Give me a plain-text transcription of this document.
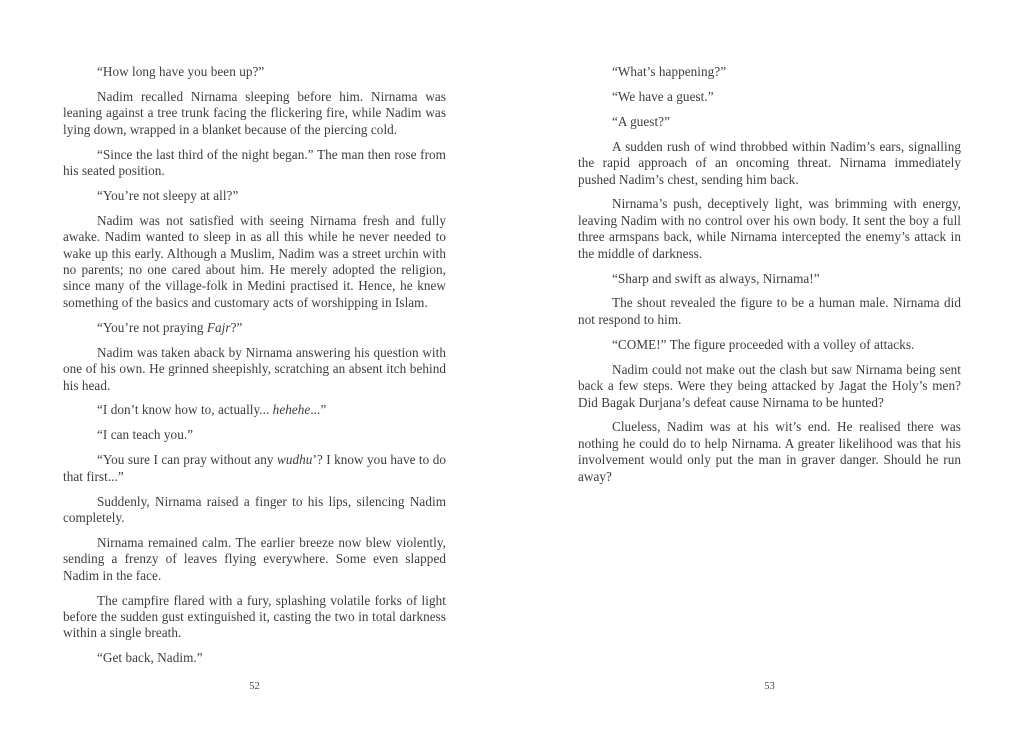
“How long have you been up?”

Nadim recalled Nirnama sleeping before him. Nirnama was leaning against a tree trunk facing the flickering fire, while Nadim was lying down, wrapped in a blanket because of the piercing cold.

“Since the last third of the night began.” The man then rose from his seated position.

“You’re not sleepy at all?”

Nadim was not satisfied with seeing Nirnama fresh and fully awake. Nadim wanted to sleep in as all this while he never needed to wake up this early. Although a Muslim, Nadim was a street urchin with no parents; no one cared about him. He merely adopted the religion, since many of the village-folk in Medini practised it. Hence, he knew something of the basics and customary acts of worshipping in Islam.

“You’re not praying Fajr?”

Nadim was taken aback by Nirnama answering his question with one of his own. He grinned sheepishly, scratching an absent itch behind his head.

“I don’t know how to, actually... hehehe...”

“I can teach you.”

“You sure I can pray without any wudhu’? I know you have to do that first...”

Suddenly, Nirnama raised a finger to his lips, silencing Nadim completely.

Nirnama remained calm. The earlier breeze now blew violently, sending a frenzy of leaves flying everywhere. Some even slapped Nadim in the face.

The campfire flared with a fury, splashing volatile forks of light before the sudden gust extinguished it, casting the two in total darkness within a single breath.

“Get back, Nadim.”

52

“What’s happening?”

“We have a guest.”

“A guest?”

A sudden rush of wind throbbed within Nadim’s ears, signalling the rapid approach of an oncoming threat. Nirnama immediately pushed Nadim’s chest, sending him back.

Nirnama’s push, deceptively light, was brimming with energy, leaving Nadim with no control over his own body. It sent the boy a full three armspans back, while Nirnama intercepted the enemy’s attack in the middle of darkness.

“Sharp and swift as always, Nirnama!”

The shout revealed the figure to be a human male. Nirnama did not respond to him.

“COME!” The figure proceeded with a volley of attacks.

Nadim could not make out the clash but saw Nirnama being sent back a few steps. Were they being attacked by Jagat the Holy’s men? Did Bagak Durjana’s defeat cause Nirnama to be hunted?

Clueless, Nadim was at his wit’s end. He realised there was nothing he could do to help Nirnama. A greater likelihood was that his involvement would only put the man in graver danger. Should he run away?

53
